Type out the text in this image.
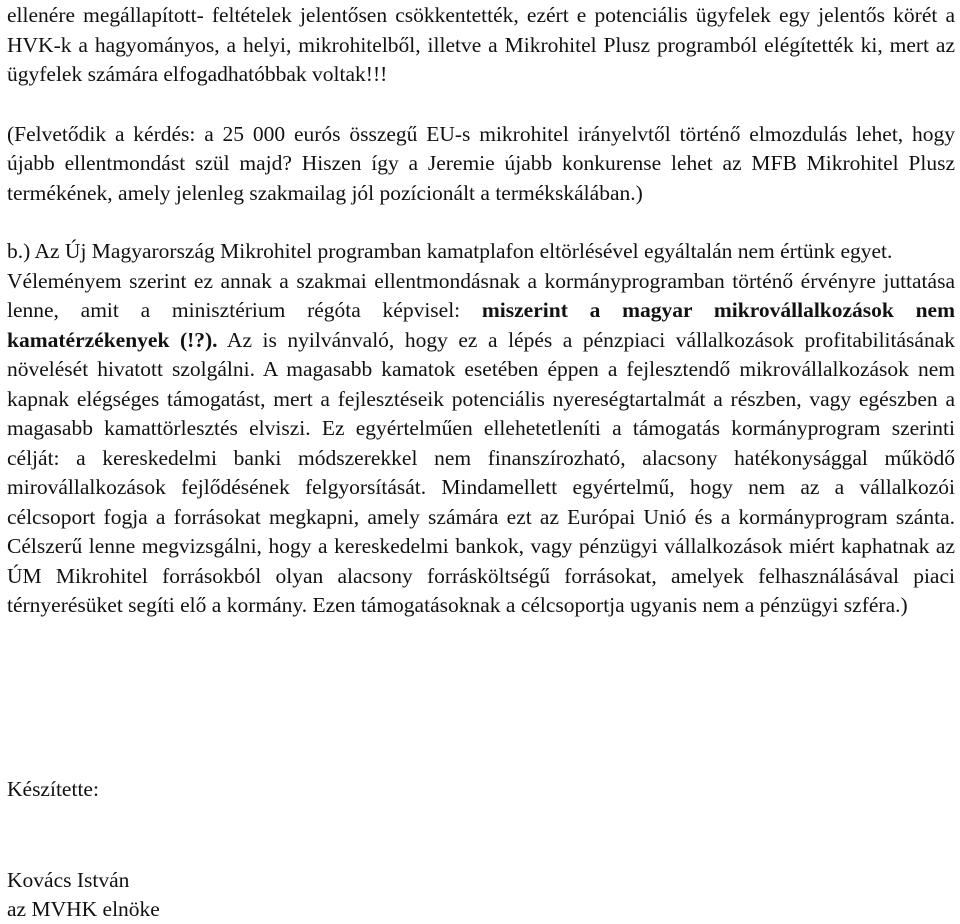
ellenére megállapított- feltételek jelentősen csökkentették, ezért e potenciális ügyfelek egy jelentős körét a HVK-k a hagyományos, a helyi, mikrohitelből, illetve a Mikrohitel Plusz programból elégítették ki, mert az ügyfelek számára elfogadhatóbbak voltak!!!

(Felvetődik a kérdés: a 25 000 eurós összegű EU-s mikrohitel irányelvtől történő elmozdulás lehet, hogy újabb ellentmondást szül majd? Hiszen így a Jeremie újabb konkurense lehet az MFB Mikrohitel Plusz termékének, amely jelenleg szakmailag jól pozícionált a termékskálában.)

b.) Az Új Magyarország Mikrohitel programban kamatplafon eltörlésével egyáltalán nem értünk egyet.

Véleményem szerint ez annak a szakmai ellentmondásnak a kormányprogramban történő érvényre juttatása lenne, amit a minisztérium régóta képvisel: miszerint a magyar mikrovállalkozások nem kamatérzékenyek (!?). Az is nyilvánvaló, hogy ez a lépés a pénzpiaci vállalkozások profitabilitásának növelését hivatott szolgálni. A magasabb kamatok esetében éppen a fejlesztendő mikrovállalkozások nem kapnak elégséges támogatást, mert a fejlesztéseik potenciális nyereségtartalmát a részben, vagy egészben a magasabb kamattörlesztés elviszi. Ez egyértelműen ellehetetleníti a támogatás kormányprogram szerinti célját: a kereskedelmi banki módszerekkel nem finanszírozható, alacsony hatékonysággal működő mirovállalkozások fejlődésének felgyorsítását. Mindamellett egyértelmű, hogy nem az a vállalkozói célcsoport fogja a forrásokat megkapni, amely számára ezt az Európai Unió és a kormányprogram szánta. Célszerű lenne megvizsgálni, hogy a kereskedelmi bankok, vagy pénzügyi vállalkozások miért kaphatnak az ÚM Mikrohitel forrásokból olyan alacsony forrásköltségű forrásokat, amelyek felhasználásával piaci térnyerésüket segíti elő a kormány. Ezen támogatásoknak a célcsoportja ugyanis nem a pénzügyi szféra.)

Készítette:

Kovács István

az MVHK elnöke
